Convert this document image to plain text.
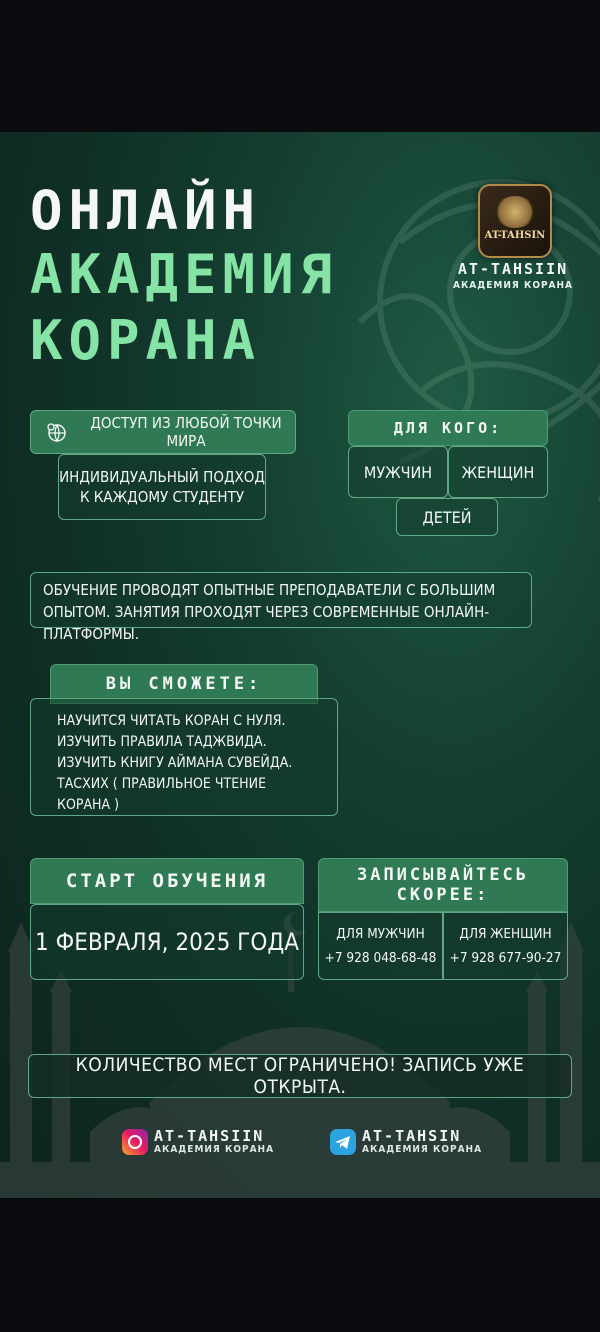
ОНЛАЙН
АКАДЕМИЯ
КОРАНА
AT-TAHSIN
AT-TAHSIIN
АКАДЕМИЯ КОРАНА
ДОСТУП ИЗ ЛЮБОЙ ТОЧКИ МИРА
ИНДИВИДУАЛЬНЫЙ ПОДХОД К КАЖДОМУ СТУДЕНТУ
ДЛЯ КОГО:
МУЖЧИН	ЖЕНЩИН
ДЕТЕЙ
ОБУЧЕНИЕ ПРОВОДЯТ ОПЫТНЫЕ ПРЕПОДАВАТЕЛИ С БОЛЬШИМ ОПЫТОМ. ЗАНЯТИЯ ПРОХОДЯТ ЧЕРЕЗ СОВРЕМЕННЫЕ ОНЛАЙН-ПЛАТФОРМЫ.
ВЫ СМОЖЕТЕ:
НАУЧИТСЯ ЧИТАТЬ КОРАН С НУЛЯ.
ИЗУЧИТЬ ПРАВИЛА ТАДЖВИДА.
ИЗУЧИТЬ КНИГУ АЙМАНА СУВЕЙДА.
ТАСХИХ ( ПРАВИЛЬНОЕ ЧТЕНИЕ КОРАНА )
СТАРТ ОБУЧЕНИЯ
1 ФЕВРАЛЯ, 2025 ГОДА
ЗАПИСЫВАЙТЕСЬ СКОРЕЕ:
ДЛЯ МУЖЧИН
+7 928 048-68-48
ДЛЯ ЖЕНЩИН
+7 928 677-90-27
КОЛИЧЕСТВО МЕСТ ОГРАНИЧЕНО! ЗАПИСЬ УЖЕ ОТКРЫТА.
AT-TAHSIIN
АКАДЕМИЯ КОРАНА
AT-TAHSIN
АКАДЕМИЯ КОРАНА
